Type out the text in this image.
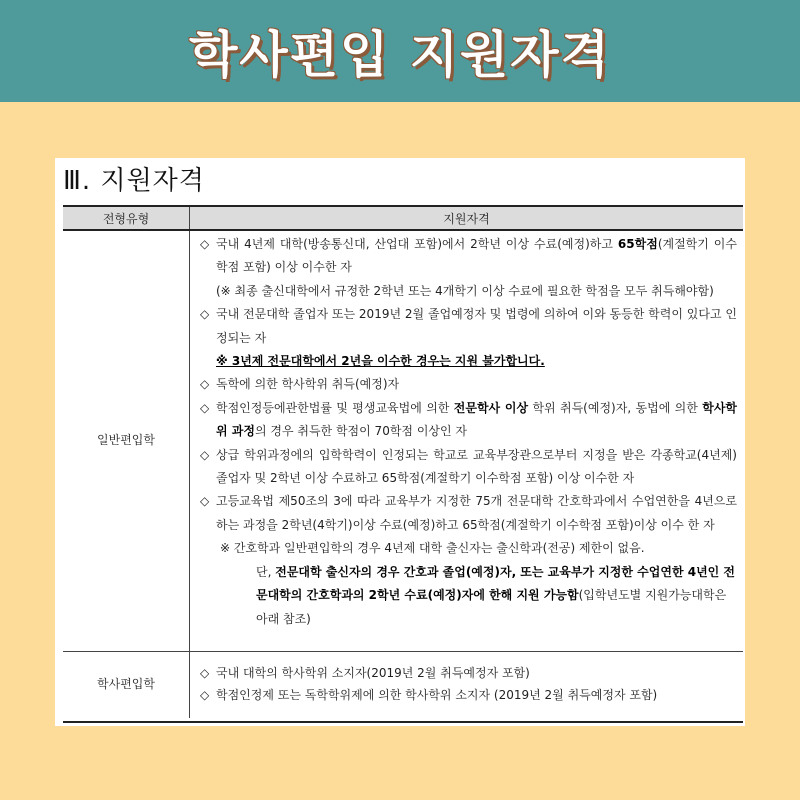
학사편입 지원자격
Ⅲ. 지원자격
전형유형	지원자격
일반편입학
◇ 국내 4년제 대학(방송통신대, 산업대 포함)에서 2학년 이상 수료(예정)하고 65학점(계절학기 이수학점 포함) 이상 이수한 자
(※ 최종 출신대학에서 규정한 2학년 또는 4개학기 이상 수료에 필요한 학점을 모두 취득해야함)
◇ 국내 전문대학 졸업자 또는 2019년 2월 졸업예정자 및 법령에 의하여 이와 동등한 학력이 있다고 인정되는 자
※ 3년제 전문대학에서 2년을 이수한 경우는 지원 불가합니다.
◇ 독학에 의한 학사학위 취득(예정)자
◇ 학점인정등에관한법률 및 평생교육법에 의한 전문학사 이상 학위 취득(예정)자, 동법에 의한 학사학위 과정의 경우 취득한 학점이 70학점 이상인 자
◇ 상급 학위과정에의 입학학력이 인정되는 학교로 교육부장관으로부터 지정을 받은 각종학교(4년제) 졸업자 및 2학년 이상 수료하고 65학점(계절학기 이수학점 포함) 이상 이수한 자
◇ 고등교육법 제50조의 3에 따라 교육부가 지정한 75개 전문대학 간호학과에서 수업연한을 4년으로 하는 과정을 2학년(4학기)이상 수료(예정)하고 65학점(계절학기 이수학점 포함)이상 이수 한 자
※ 간호학과 일반편입학의 경우 4년제 대학 출신자는 출신학과(전공) 제한이 없음.
단, 전문대학 출신자의 경우 간호과 졸업(예정)자, 또는 교육부가 지정한 수업연한 4년인 전문대학의 간호학과의 2학년 수료(예정)자에 한해 지원 가능함(입학년도별 지원가능대학은 아래 참조)
학사편입학
◇ 국내 대학의 학사학위 소지자(2019년 2월 취득예정자 포함)
◇ 학점인정제 또는 독학학위제에 의한 학사학위 소지자 (2019년 2월 취득예정자 포함)
